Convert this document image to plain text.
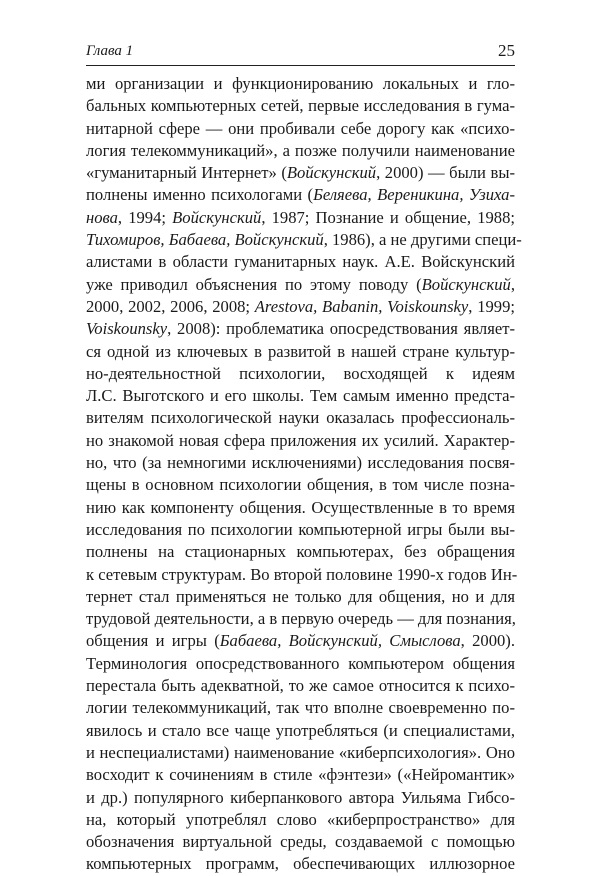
Глава 1	25
ми организации и функционированию локальных и гло-
бальных компьютерных сетей, первые исследования в гума-
нитарной сфере — они пробивали себе дорогу как «психо-
логия телекоммуникаций», а позже получили наименование
«гуманитарный Интернет» (Войскунский, 2000) — были вы-
полнены именно психологами (Беляева, Вереникина, Узиха-
нова, 1994; Войскунский, 1987; Познание и общение, 1988;
Тихомиров, Бабаева, Войскунский, 1986), а не другими специ-
алистами в области гуманитарных наук. А.Е. Войскунский
уже приводил объяснения по этому поводу (Войскунский,
2000, 2002, 2006, 2008; Arestova, Babanin, Voiskounsky, 1999;
Voiskounsky, 2008): проблематика опосредствования являет-
ся одной из ключевых в развитой в нашей стране культур-
но-деятельностной психологии, восходящей к идеям
Л.С. Выготского и его школы. Тем самым именно предста-
вителям психологической науки оказалась профессиональ-
но знакомой новая сфера приложения их усилий. Характер-
но, что (за немногими исключениями) исследования посвя-
щены в основном психологии общения, в том числе позна-
нию как компоненту общения. Осуществленные в то время
исследования по психологии компьютерной игры были вы-
полнены на стационарных компьютерах, без обращения
к сетевым структурам. Во второй половине 1990-х годов Ин-
тернет стал применяться не только для общения, но и для
трудовой деятельности, а в первую очередь — для познания,
общения и игры (Бабаева, Войскунский, Смыслова, 2000).
Терминология опосредствованного компьютером общения
перестала быть адекватной, то же самое относится к психо-
логии телекоммуникаций, так что вполне своевременно по-
явилось и стало все чаще употребляться (и специалистами,
и неспециалистами) наименование «киберпсихология». Оно
восходит к сочинениям в стиле «фэнтези» («Нейромантик»
и др.) популярного киберпанкового автора Уильяма Гибсо-
на, который употреблял слово «киберпространство» для
обозначения виртуальной среды, создаваемой с помощью
компьютерных программ, обеспечивающих иллюзорное
